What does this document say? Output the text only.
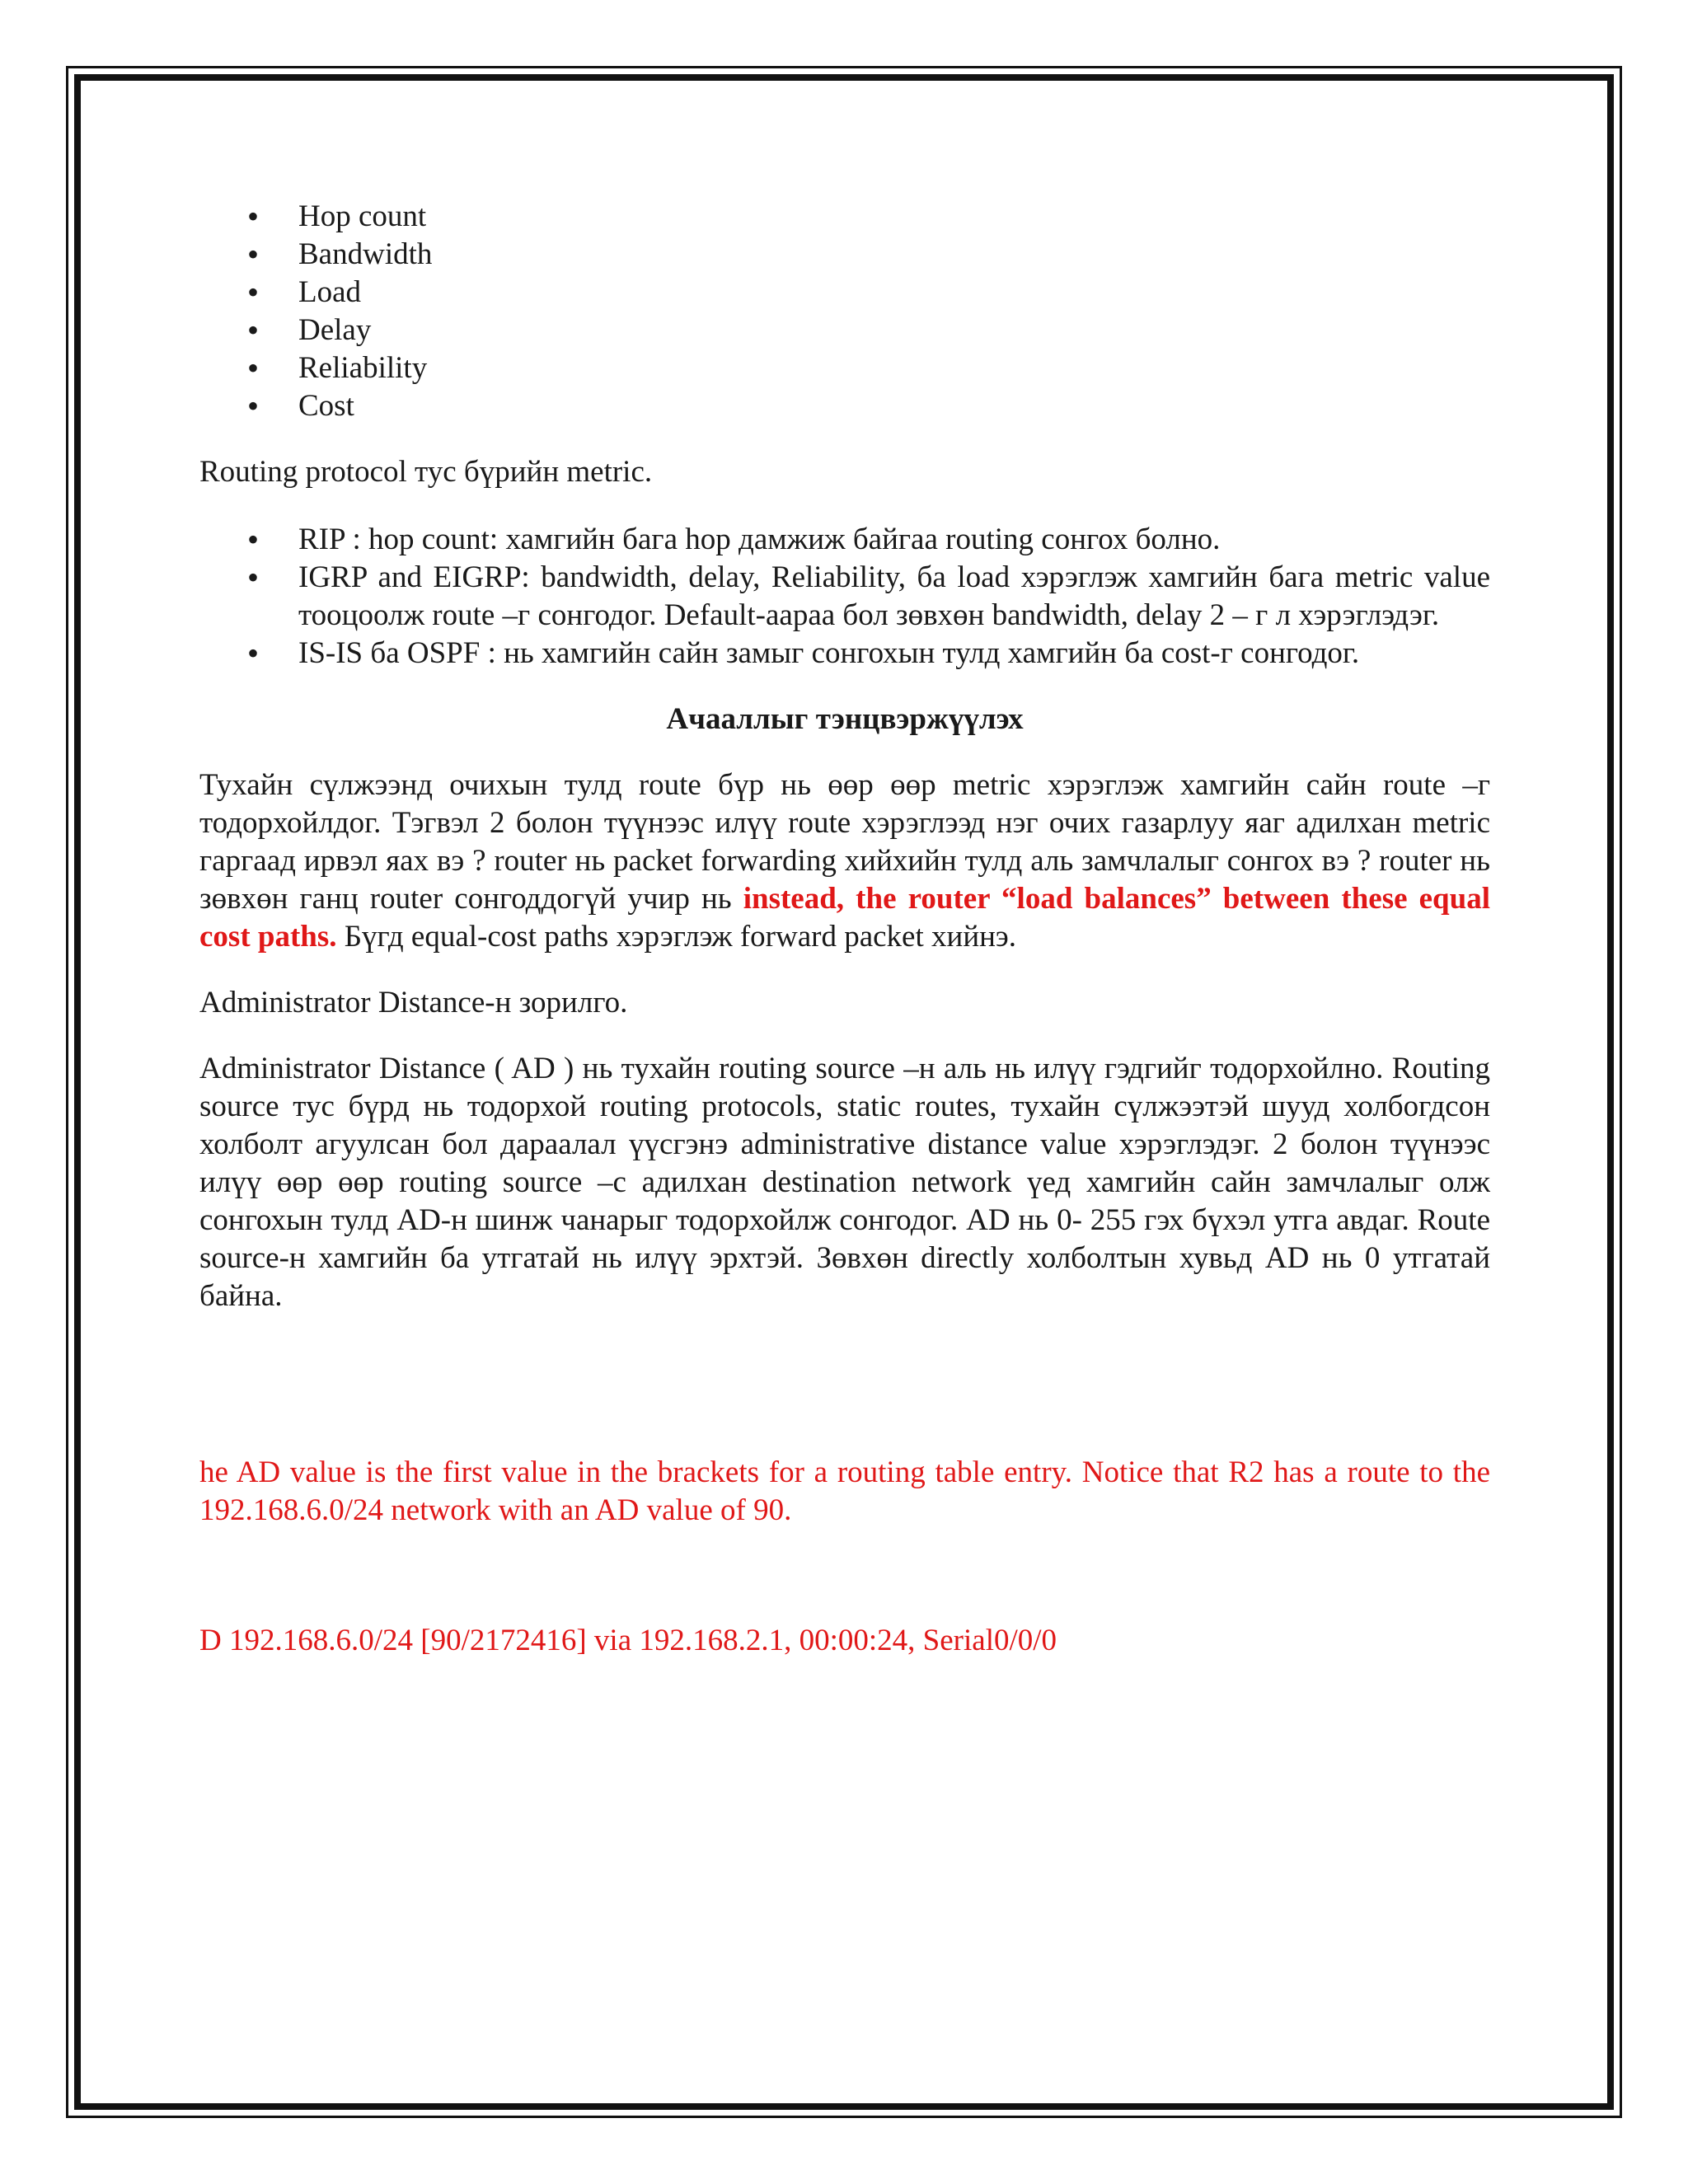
• Hop count
• Bandwidth
• Load
• Delay
• Reliability
• Cost

Routing protocol тус бүрийн metric.

• RIP : hop count: хамгийн бага hop дамжиж байгаа routing сонгох болно.
• IGRP and EIGRP: bandwidth, delay, Reliability, ба load хэрэглэж хамгийн бага metric value тооцоолж route –г сонгодог. Default-аараа бол зөвхөн bandwidth, delay 2 – г л хэрэглэдэг.
• IS-IS ба OSPF : нь хамгийн сайн замыг сонгохын тулд хамгийн ба cost-г сонгодог.

Ачааллыг тэнцвэржүүлэх

Тухайн сүлжээнд очихын тулд route бүр нь өөр өөр metric хэрэглэж хамгийн сайн route –г тодорхойлдог. Тэгвэл 2 болон түүнээс илүү route хэрэглээд нэг очих газарлуу яаг адилхан metric гаргаад ирвэл яах вэ ? router нь packet forwarding хийхийн тулд аль замчлалыг сонгох вэ ? router нь зөвхөн ганц router сонгоддогүй учир нь instead, the router “load balances” between these equal cost paths. Бүгд equal-cost paths хэрэглэж forward packet хийнэ.

Administrator Distance-н зорилго.

Administrator Distance ( AD ) нь тухайн routing source –н аль нь илүү гэдгийг тодорхойлно. Routing source тус бүрд нь тодорхой routing protocols, static routes, тухайн сүлжээтэй шууд холбогдсон холболт агуулсан бол дараалал үүсгэнэ administrative distance value хэрэглэдэг. 2 болон түүнээс илүү өөр өөр routing source –с адилхан destination network үед хамгийн сайн замчлалыг олж сонгохын тулд AD-н шинж чанарыг тодорхойлж сонгодог. AD нь 0- 255 гэх бүхэл утга авдаг. Route source-н хамгийн ба утгатай нь илүү эрхтэй. Зөвхөн directly холболтын хувьд AD нь 0 утгатай байна.

he AD value is the first value in the brackets for a routing table entry. Notice that R2 has a route to the 192.168.6.0/24 network with an AD value of 90.

D 192.168.6.0/24 [90/2172416] via 192.168.2.1, 00:00:24, Serial0/0/0
